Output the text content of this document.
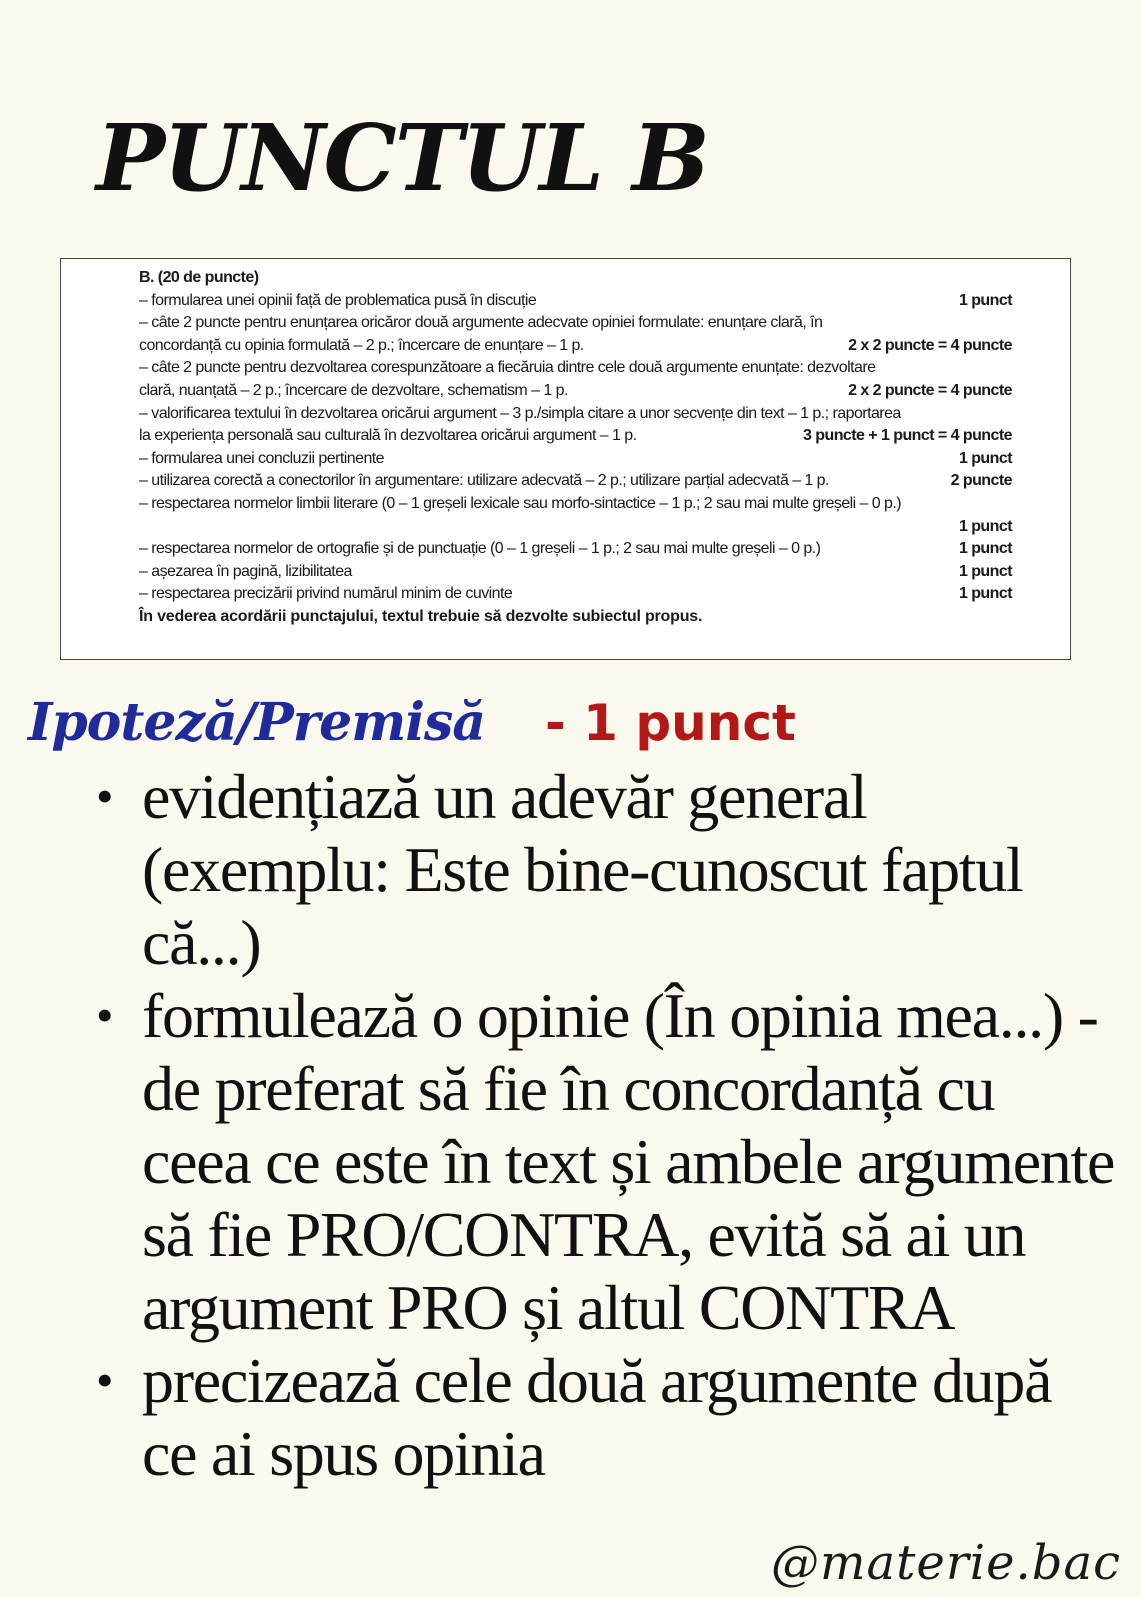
PUNCTUL B
B. (20 de puncte)
– formularea unei opinii față de problematica pusă în discuție	1 punct
– câte 2 puncte pentru enunțarea oricăror două argumente adecvate opiniei formulate: enunțare clară, în
concordanță cu opinia formulată – 2 p.; încercare de enunțare – 1 p.	2 x 2 puncte = 4 puncte
– câte 2 puncte pentru dezvoltarea corespunzătoare a fiecăruia dintre cele două argumente enunțate: dezvoltare
clară, nuanțată – 2 p.; încercare de dezvoltare, schematism – 1 p.	2 x 2 puncte = 4 puncte
– valorificarea textului în dezvoltarea oricărui argument – 3 p./simpla citare a unor secvențe din text – 1 p.; raportarea
la experiența personală sau culturală în dezvoltarea oricărui argument – 1 p.	3 puncte + 1 punct = 4 puncte
– formularea unei concluzii pertinente	1 punct
– utilizarea corectă a conectorilor în argumentare: utilizare adecvată – 2 p.; utilizare parțial adecvată – 1 p.	2 puncte
– respectarea normelor limbii literare (0 – 1 greșeli lexicale sau morfo-sintactice – 1 p.; 2 sau mai multe greșeli – 0 p.)
1 punct
– respectarea normelor de ortografie și de punctuație (0 – 1 greșeli – 1 p.; 2 sau mai multe greșeli – 0 p.)	1 punct
– așezarea în pagină, lizibilitatea	1 punct
– respectarea precizării privind numărul minim de cuvinte	1 punct
În vederea acordării punctajului, textul trebuie să dezvolte subiectul propus.
Ipoteză/Premisă - 1 punct
• evidențiază un adevăr general (exemplu: Este bine-cunoscut faptul că...)
• formulează o opinie (În opinia mea...) - de preferat să fie în concordanță cu ceea ce este în text și ambele argumente să fie PRO/CONTRA, evită să ai un argument PRO și altul CONTRA
• precizează cele două argumente după ce ai spus opinia
@materie.bac
